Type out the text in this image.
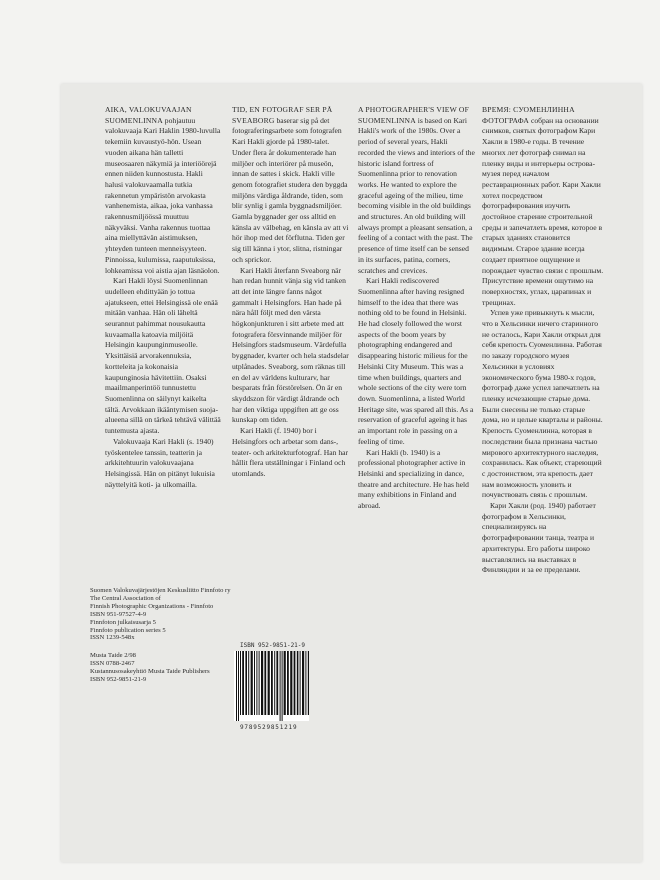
AIKA, VALOKUVAAJAN SUOMENLINNA pohjautuu valokuvaaja Kari Haklin 1980-luvulla tekemiin kuvaustyö-hön. Usean vuoden aikana hän talletti museosaaren näkymiä ja interiöörejä ennen niiden kunnostusta. Hakli halusi valokuvaamalla tutkia rakennetun ympäristön arvokasta vanhenemista, aikaa, joka vanhassa rakennusmiljöössä muuttuu näkyväksi. Vanha rakennus tuottaa aina miellyttävän aistimuksen, yhteyden tunteen menneisyyteen. Pinnoissa, kulumissa, raaputuksissa, lohkeamissa voi aistia ajan läsnäolon.

Kari Hakli löysi Suomenlinnan uudelleen ehdittyään jo tottua ajatukseen, ettei Helsingissä ole enää mitään vanhaa. Hän oli läheltä seurannut pahimmat nousukautta kuvaamalla katoavia miljöitä Helsingin kaupunginmuseolle. Yksittäisiä arvorakennuksia, kortteleita ja kokonaisia kaupunginosia hävitettiin. Osaksi maailmanperintöö tunnustettu Suomenlinna on säilynyt kaikelta tältä. Arvokkaan ikääntymisen suoja-alueena sillä on tärkeä tehtävä välittää tuntemusta ajasta.

Valokuvaaja Kari Hakli (s. 1940) työskentelee tanssin, teatterin ja arkkitehtuurin valokuvaajana Helsingissä. Hän on pitänyt lukuisia näyttelyitä koti- ja ulkomailla.

TID, EN FOTOGRAF SER PÅ SVEABORG baserar sig på det fotograferingsarbete som fotografen Kari Hakli gjorde på 1980-talet. Under flera år dokumenterade han miljöer och interiörer på museön, innan de sattes i skick. Hakli ville genom fotografiet studera den byggda miljöns värdiga åldrande, tiden, som blir synlig i gamla byggnadsmiljöer. Gamla byggnader ger oss alltid en känsla av välbehag, en känsla av att vi hör ihop med det förflutna. Tiden ger sig till känna i ytor, slitna, ristningar och sprickor.

Kari Hakli återfann Sveaborg när han redan hunnit vänja sig vid tanken att det inte längre fanns något gammalt i Helsingfors. Han hade på nära håll följt med den värsta högkonjunkturen i sitt arbete med att fotografera försvinnande miljöer för Helsingfors stadsmuseum. Värdefulla byggnader, kvarter och hela stadsdelar utplånades. Sveaborg, som räknas till en del av världens kulturarv, har besparats från förstörelsen. Ön är en skyddszon för värdigt åldrande och har den viktiga uppgiften att ge oss kunskap om tiden.

Kari Hakli (f. 1940) bor i Helsingfors och arbetar som dans-, teater- och arkitekturfotograf. Han har hållit flera utställningar i Finland och utomlands.

A PHOTOGRAPHER'S VIEW OF SUOMENLINNA is based on Kari Hakli's work of the 1980s. Over a period of several years, Hakli recorded the views and interiors of the historic island fortress of Suomenlinna prior to renovation works. He wanted to explore the graceful ageing of the milieu, time becoming visible in the old buildings and structures. An old building will always prompt a pleasant sensation, a feeling of a contact with the past. The presence of time itself can be sensed in its surfaces, patina, corners, scratches and crevices.

Kari Hakli rediscovered Suomenlinna after having resigned himself to the idea that there was nothing old to be found in Helsinki. He had closely followed the worst aspects of the boom years by photographing endangered and disappearing historic milieus for the Helsinki City Museum. This was a time when buildings, quarters and whole sections of the city were torn down. Suomenlinna, a listed World Heritage site, was spared all this. As a reservation of graceful ageing it has an important role in passing on a feeling of time.

Kari Hakli (b. 1940) is a professional photographer active in Helsinki and specializing in dance, theatre and architecture. He has held many exhibitions in Finland and abroad.

ВРЕМЯ: СУОМЕНЛИННА ФОТОГРАФА собран на основании снимков, снятых фотографом Кари Хакли в 1980-е годы. В течение многих лет фотограф снимал на пленку виды и интерьеры острова-музея перед началом реставрационных работ. Кари Хакли хотел посредством фотографирования изучить достойное старение строительной среды и запечатлеть время, которое в старых зданиях становится видимым. Старое здание всегда создает приятное ощущение и порождает чувство связи с прошлым. Присутствие времени ощутимо на поверхностях, углах, царапинах и трещинах.

Успев уже привыкнуть к мысли, что в Хельсинки ничего старинного не осталось, Кари Хакли открыл для себя крепость Суоменлинна. Работая по заказу городского музея Хельсинки в условиях экономического бума 1980-х годов, фотограф даже успел запечатлеть на пленку исчезающие старые дома. Были снесены не только старые дома, но и целые кварталы и районы. Крепость Суоменлинна, которая в последствии была признана частью мирового архитектурного наследия, сохранилась. Как объект, стареющий с достоинством, эта крепость дает нам возможность уловить и почувствовать связь с прошлым.

Кари Хакли (род. 1940) работает фотографом в Хельсинки, специализируясь на фотографировании танца, театра и архитектуры. Его работы широко выставлялись на выставках в Финляндии и за ее пределами.

Suomen Valokuvajärjestöjen Keskusliitto Finnfoto ry
The Central Association of
Finnish Photographic Organizations - Finnfoto
ISBN 951-97527-4-9
Finnfoton julkaisusarja 5
Finnfoto publication series 5
ISSN 1239-548x
Musta Taide 2/98
ISSN 0788-2467
Kustannusosakeyhtiö Musta Taide Publishers
ISBN 952-9851-21-9
ISBN 952-9851-21-9
9789529851219
